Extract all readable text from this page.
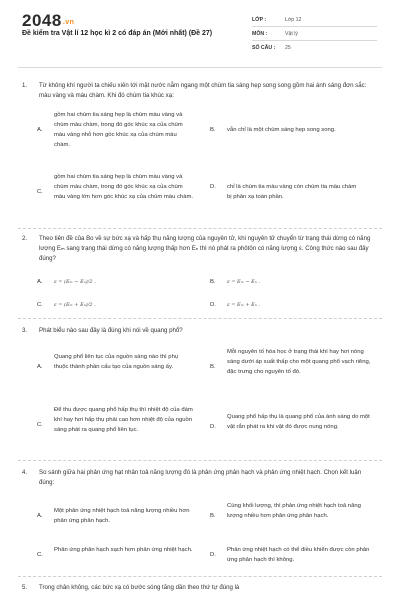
2048.vn
Đề kiểm tra Vật lí 12 học kì 2 có đáp án (Mới nhất) (Đề 27)
LỚP :	Lớp 12
MÔN :	Vật lý
SỐ CÂU : 25
1. Từ không khí người ta chiếu xiên tới mặt nước nằm ngang một chùm tia sáng hẹp song song gồm hai ánh sáng đơn sắc: màu vàng và màu chàm. Khi đó chùm tia khúc xạ:
A.
gồm hai chùm tia sáng hẹp là chùm màu vàng và chùm màu chàm, trong đó góc khúc xạ của chùm màu vàng nhỏ hơn góc khúc xạ của chùm màu chàm.
B. vẫn chỉ là một chùm sáng hẹp song song.
C.
gồm hai chùm tia sáng hẹp là chùm màu vàng và chùm màu chàm, trong đó góc khúc xạ của chùm màu vàng lớn hơn góc khúc xạ của chùm màu chàm.
D. chỉ là chùm tia màu vàng còn chùm tia màu chàm bị phản xạ toàn phần.
2. Theo tiên đề của Bo về sự bức xạ và hấp thụ năng lượng của nguyên tử, khi nguyên tử chuyển từ trạng thái dừng có năng lượng Eₘ sang trạng thái dừng có năng lượng thấp hơn Eₙ thì nó phát ra phôtôn có năng lượng ε. Công thức nào sau đây đúng?
A. ε = (Eₘ − Eₙ)/2 .	B. ε = Eₘ − Eₙ .
C. ε = (Eₘ + Eₙ)/2 .	D. ε = Eₘ + Eₙ .
3. Phát biểu nào sau đây là đúng khi nói về quang phổ?
A.
Quang phổ liên tục của nguồn sáng nào thì phụ thuộc thành phần cấu tạo của nguồn sáng ấy.	B.
Mỗi nguyên tố hóa học ở trạng thái khí hay hơi nóng sáng dưới áp suất thấp cho một quang phổ vạch riêng, đặc trưng cho nguyên tố đó.
C.
Để thu được quang phổ hấp thụ thì nhiệt độ của đám khí hay hơi hấp thụ phải cao hơn nhiệt độ của nguồn sáng phát ra quang phổ liên tục.	D.
Quang phổ hấp thụ là quang phổ của ánh sáng do một vật rắn phát ra khi vật đó được nung nóng.
4. So sánh giữa hai phản ứng hạt nhân toả năng lượng đó là phản ứng phân hạch và phản ứng nhiệt hạch. Chọn kết luận đúng:
A.
Một phản ứng nhiệt hạch toả năng lượng nhiều hơn phản ứng phân hạch.
B.
Cùng khối lượng, thì phản ứng nhiệt hạch toả năng lượng nhiều hơn phản ứng phân hạch.
C.
Phản ứng phân hạch sạch hơn phản ứng nhiệt hạch.
D.
Phản ứng nhiệt hạch có thể điều khiển được còn phản ứng phân hạch thì không.
5. Trong chân không, các bức xạ có bước sóng tăng dần theo thứ tự đúng là
